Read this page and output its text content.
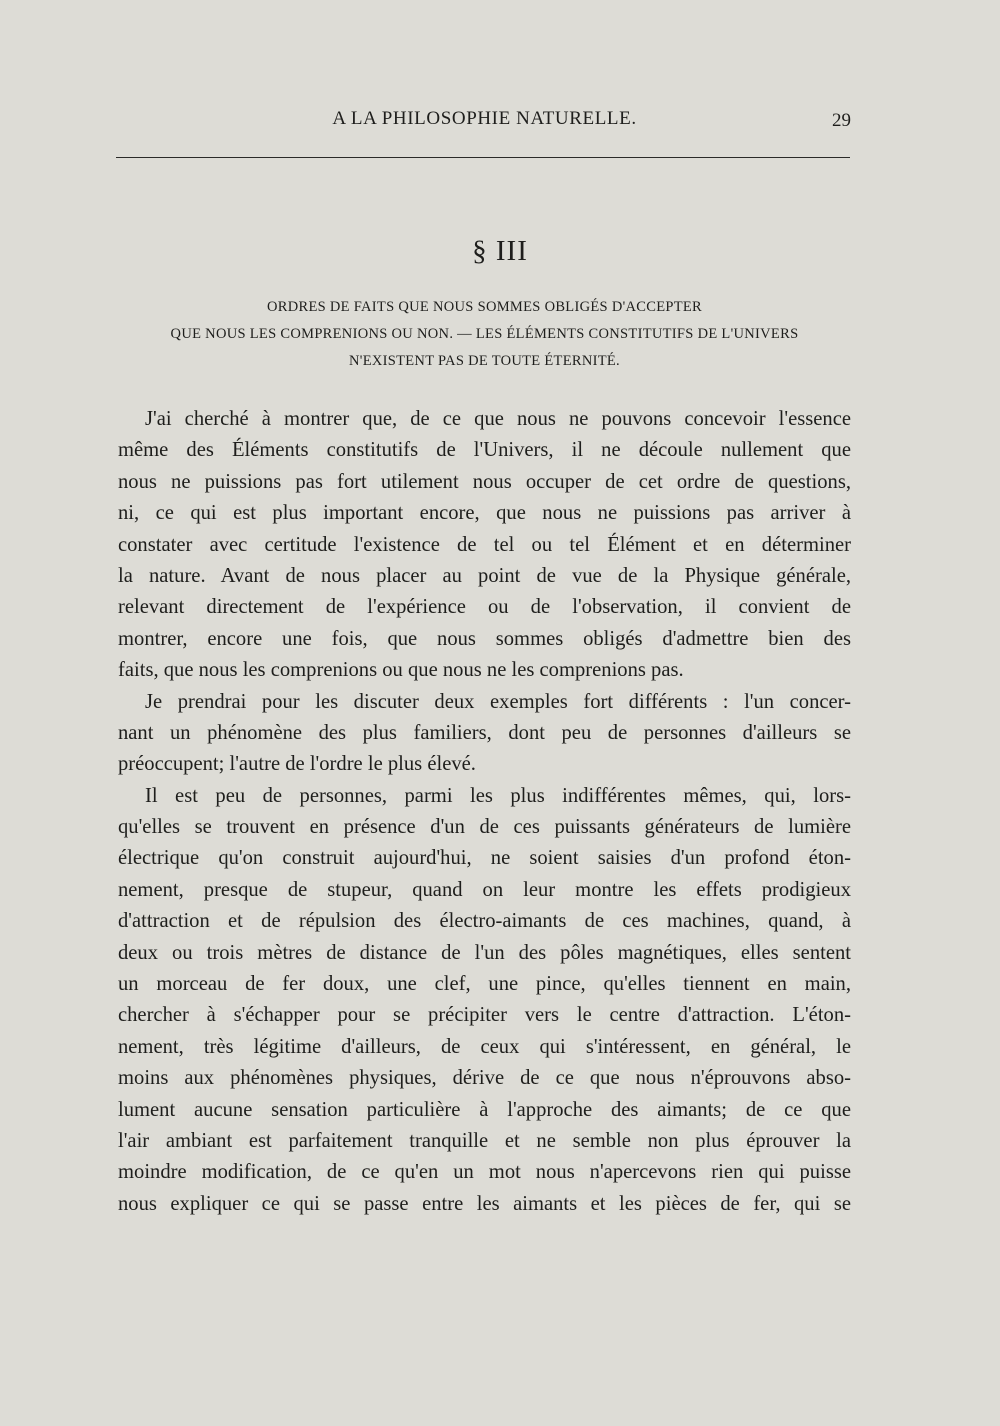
A LA PHILOSOPHIE NATURELLE.	29
§ III
ORDRES DE FAITS QUE NOUS SOMMES OBLIGÉS D'ACCEPTER
QUE NOUS LES COMPRENIONS OU NON. — LES ÉLÉMENTS CONSTITUTIFS DE L'UNIVERS
N'EXISTENT PAS DE TOUTE ÉTERNITÉ.
J'ai cherché à montrer que, de ce que nous ne pouvons concevoir l'essence
même des Éléments constitutifs de l'Univers, il ne découle nullement que
nous ne puissions pas fort utilement nous occuper de cet ordre de questions,
ni, ce qui est plus important encore, que nous ne puissions pas arriver à
constater avec certitude l'existence de tel ou tel Élément et en déterminer
la nature. Avant de nous placer au point de vue de la Physique générale,
relevant directement de l'expérience ou de l'observation, il convient de
montrer, encore une fois, que nous sommes obligés d'admettre bien des
faits, que nous les comprenions ou que nous ne les comprenions pas.
Je prendrai pour les discuter deux exemples fort différents : l'un concer-
nant un phénomène des plus familiers, dont peu de personnes d'ailleurs se
préoccupent; l'autre de l'ordre le plus élevé.
Il est peu de personnes, parmi les plus indifférentes mêmes, qui, lors-
qu'elles se trouvent en présence d'un de ces puissants générateurs de lumière
électrique qu'on construit aujourd'hui, ne soient saisies d'un profond éton-
nement, presque de stupeur, quand on leur montre les effets prodigieux
d'attraction et de répulsion des électro-aimants de ces machines, quand, à
deux ou trois mètres de distance de l'un des pôles magnétiques, elles sentent
un morceau de fer doux, une clef, une pince, qu'elles tiennent en main,
chercher à s'échapper pour se précipiter vers le centre d'attraction. L'éton-
nement, très légitime d'ailleurs, de ceux qui s'intéressent, en général, le
moins aux phénomènes physiques, dérive de ce que nous n'éprouvons abso-
lument aucune sensation particulière à l'approche des aimants; de ce que
l'air ambiant est parfaitement tranquille et ne semble non plus éprouver la
moindre modification, de ce qu'en un mot nous n'apercevons rien qui puisse
nous expliquer ce qui se passe entre les aimants et les pièces de fer, qui se
